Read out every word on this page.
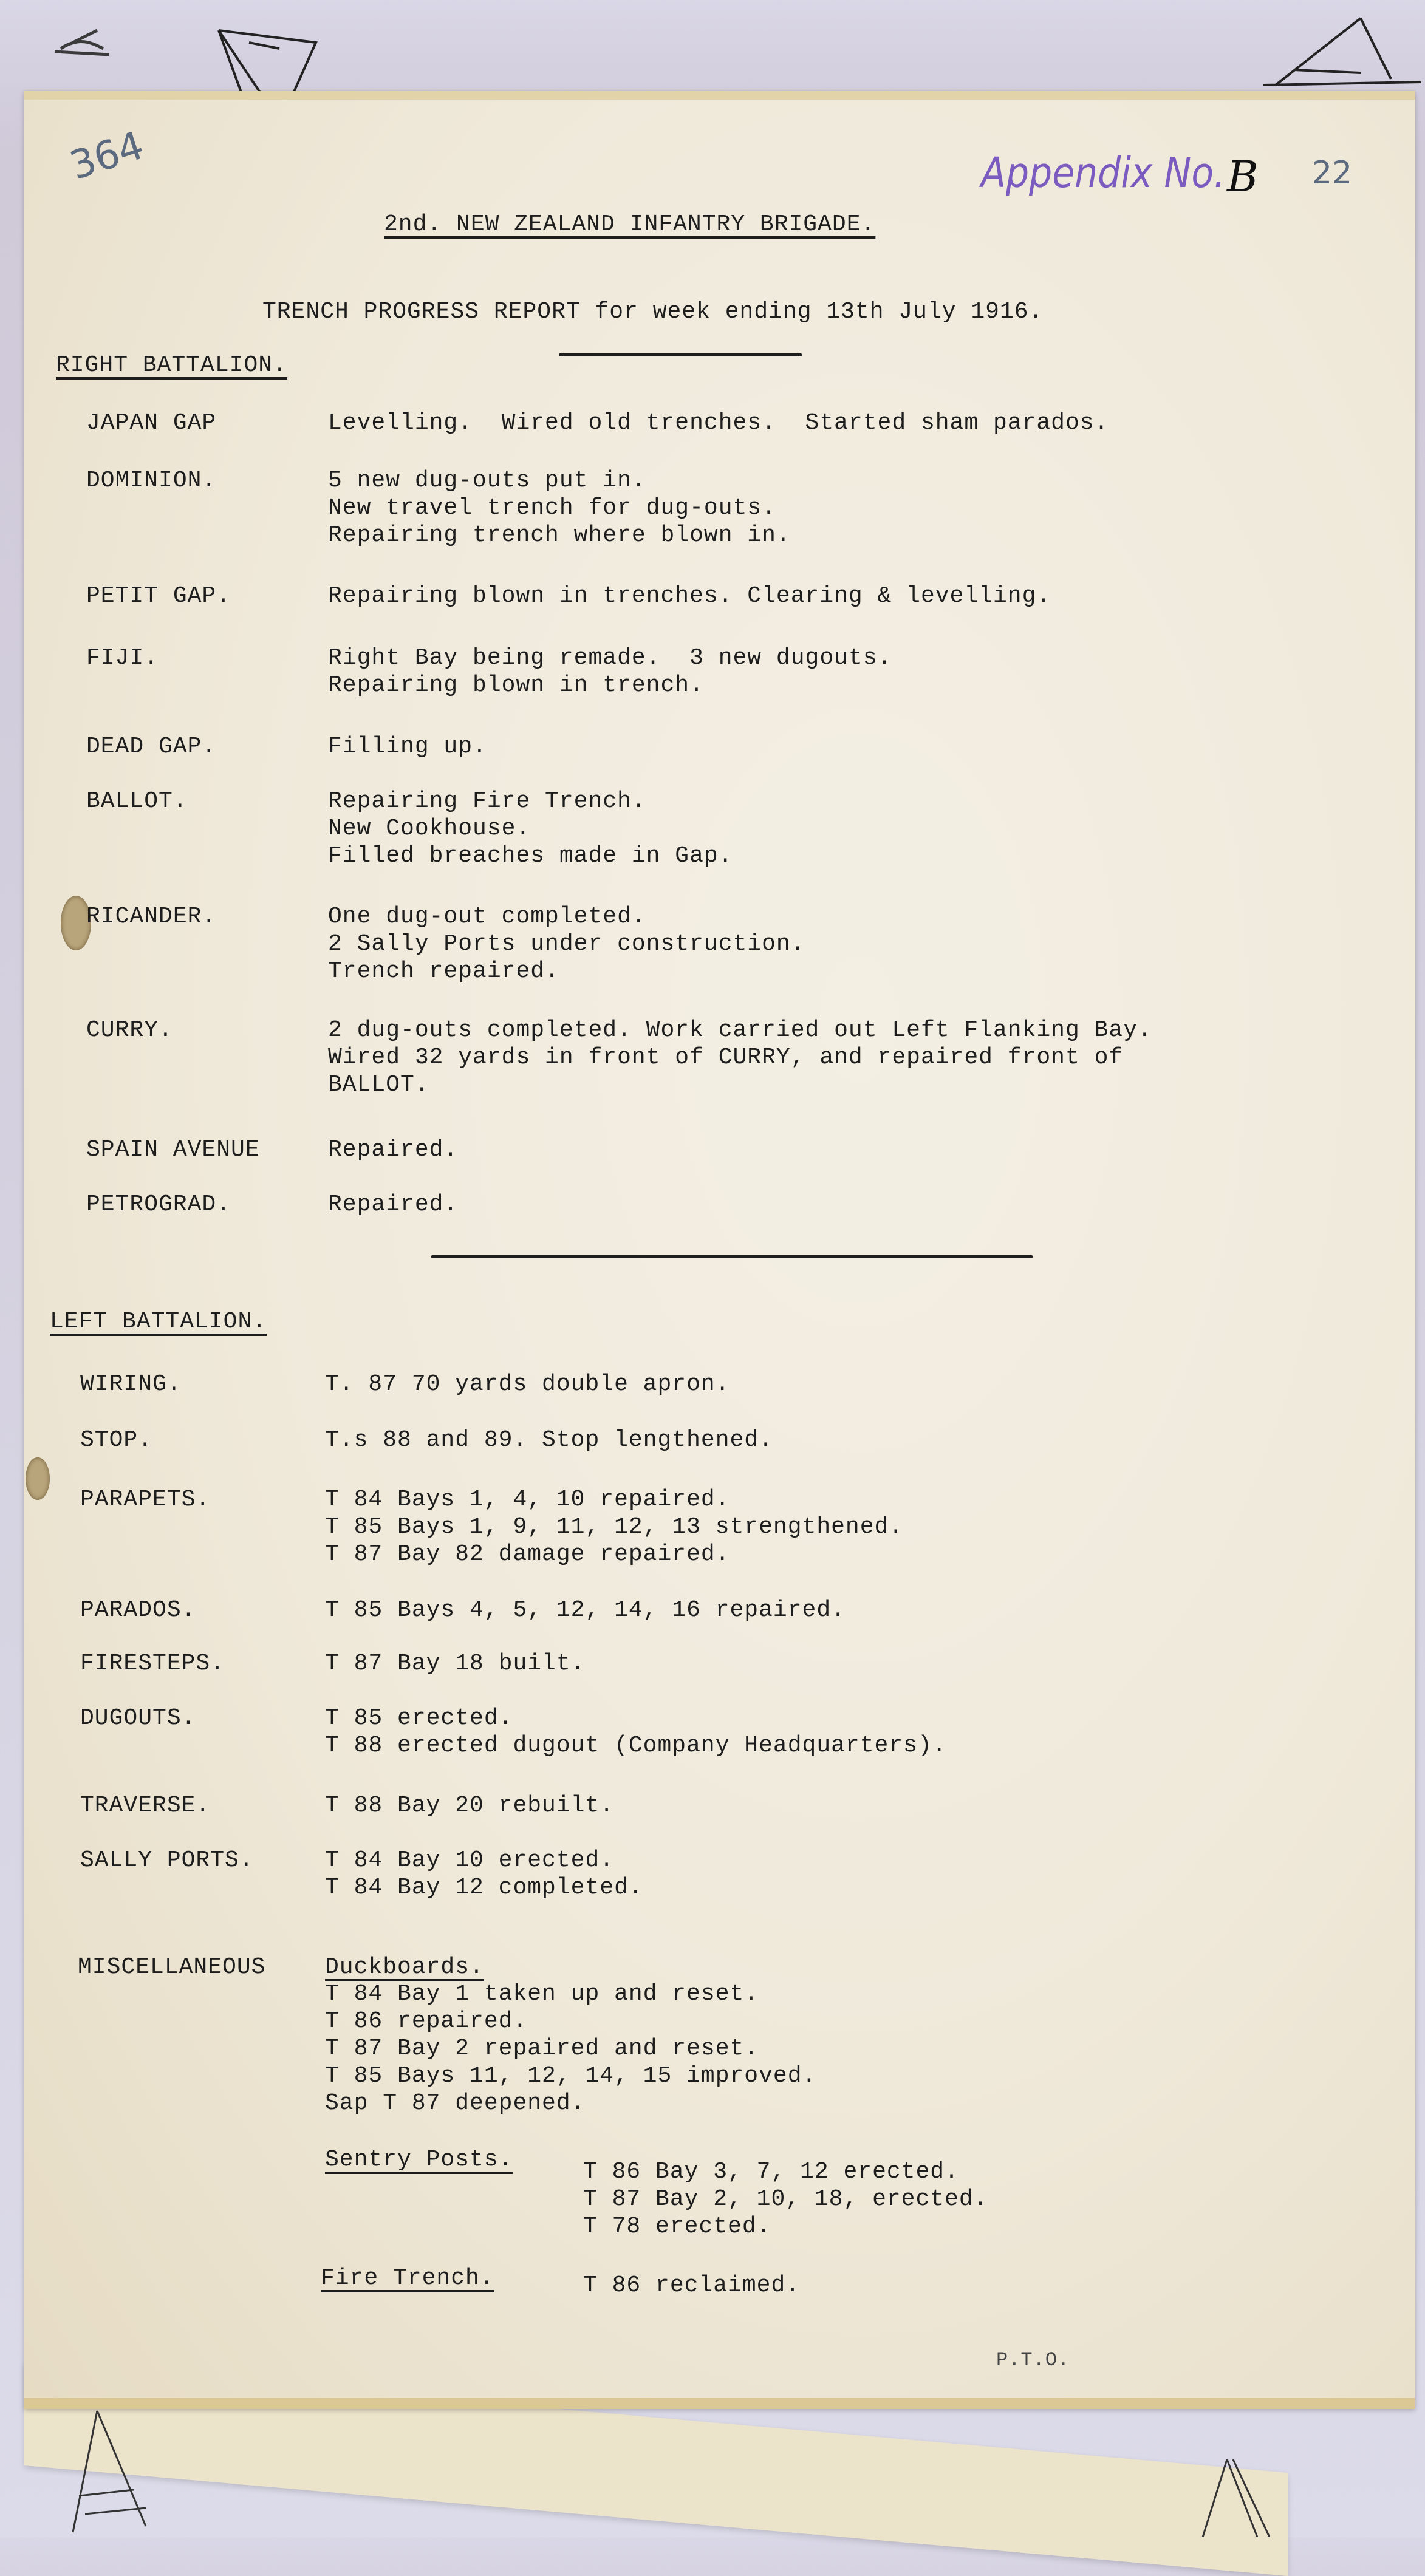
364	Appendix No. B 22
2nd. NEW ZEALAND INFANTRY BRIGADE.
TRENCH PROGRESS REPORT for week ending 13th July 1916.
RIGHT BATTALION.
JAPAN GAP	Levelling.  Wired old trenches.  Started sham parados.
DOMINION.	5 new dug-outs put in.
New travel trench for dug-outs.
Repairing trench where blown in.
PETIT GAP.	Repairing blown in trenches. Clearing & levelling.
FIJI.	Right Bay being remade.  3 new dugouts.
Repairing blown in trench.
DEAD GAP.	Filling up.
BALLOT.	Repairing Fire Trench.
New Cookhouse.
Filled breaches made in Gap.
RICANDER.	One dug-out completed.
2 Sally Ports under construction.
Trench repaired.
CURRY.	2 dug-outs completed. Work carried out Left Flanking Bay.
Wired 32 yards in front of CURRY, and repaired front of
BALLOT.
SPAIN AVENUE	Repaired.
PETROGRAD.	Repaired.
LEFT BATTALION.
WIRING.	T. 87 70 yards double apron.
STOP.	T.s 88 and 89. Stop lengthened.
PARAPETS.	T 84 Bays 1, 4, 10 repaired.
T 85 Bays 1, 9, 11, 12, 13 strengthened.
T 87 Bay 82 damage repaired.
PARADOS.	T 85 Bays 4, 5, 12, 14, 16 repaired.
FIRESTEPS.	T 87 Bay 18 built.
DUGOUTS.	T 85 erected.
T 88 erected dugout (Company Headquarters).
TRAVERSE.	T 88 Bay 20 rebuilt.
SALLY PORTS.	T 84 Bay 10 erected.
T 84 Bay 12 completed.
MISCELLANEOUS	Duckboards.
T 84 Bay 1 taken up and reset.
T 86 repaired.
T 87 Bay 2 repaired and reset.
T 85 Bays 11, 12, 14, 15 improved.
Sap T 87 deepened.
Sentry Posts.	T 86 Bay 3, 7, 12 erected.
T 87 Bay 2, 10, 18, erected.
T 78 erected.
Fire Trench.	T 86 reclaimed.
P.T.O.
